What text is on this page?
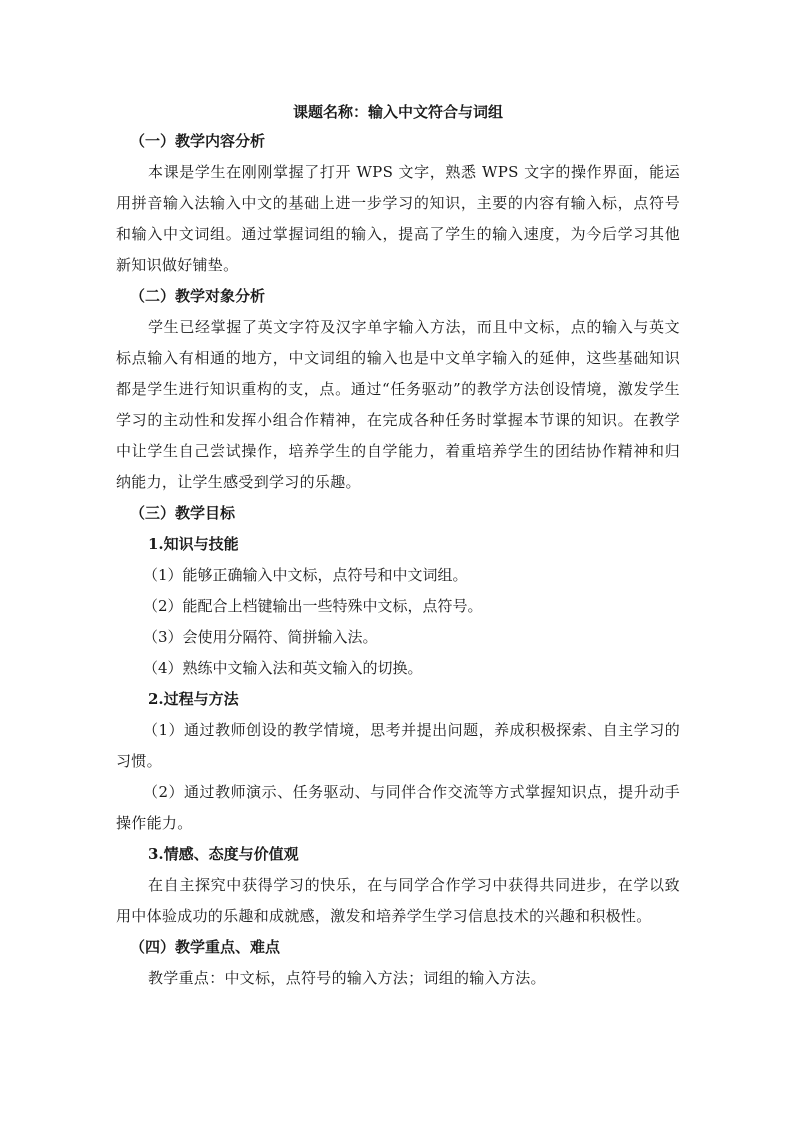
课题名称：输入中文符合与词组

（一）教学内容分析

本课是学生在刚刚掌握了打开 WPS 文字，熟悉 WPS 文字的操作界面，能运用拼音输入法输入中文的基础上进一步学习的知识，主要的内容有输入标，点符号和输入中文词组。通过掌握词组的输入，提高了学生的输入速度，为今后学习其他新知识做好铺垫。

（二）教学对象分析

学生已经掌握了英文字符及汉字单字输入方法，而且中文标，点的输入与英文标点输入有相通的地方，中文词组的输入也是中文单字输入的延伸，这些基础知识都是学生进行知识重构的支，点。通过“任务驱动”的教学方法创设情境，激发学生学习的主动性和发挥小组合作精神，在完成各种任务时掌握本节课的知识。在教学中让学生自己尝试操作，培养学生的自学能力，着重培养学生的团结协作精神和归纳能力，让学生感受到学习的乐趣。

（三）教学目标

1.知识与技能

（1）能够正确输入中文标，点符号和中文词组。

（2）能配合上档键输出一些特殊中文标，点符号。

（3）会使用分隔符、简拼输入法。

（4）熟练中文输入法和英文输入的切换。

2.过程与方法

（1）通过教师创设的教学情境，思考并提出问题，养成积极探索、自主学习的习惯。

（2）通过教师演示、任务驱动、与同伴合作交流等方式掌握知识点，提升动手操作能力。

3.情感、态度与价值观

在自主探究中获得学习的快乐，在与同学合作学习中获得共同进步，在学以致用中体验成功的乐趣和成就感，激发和培养学生学习信息技术的兴趣和积极性。

（四）教学重点、难点

教学重点：中文标，点符号的输入方法；词组的输入方法。
